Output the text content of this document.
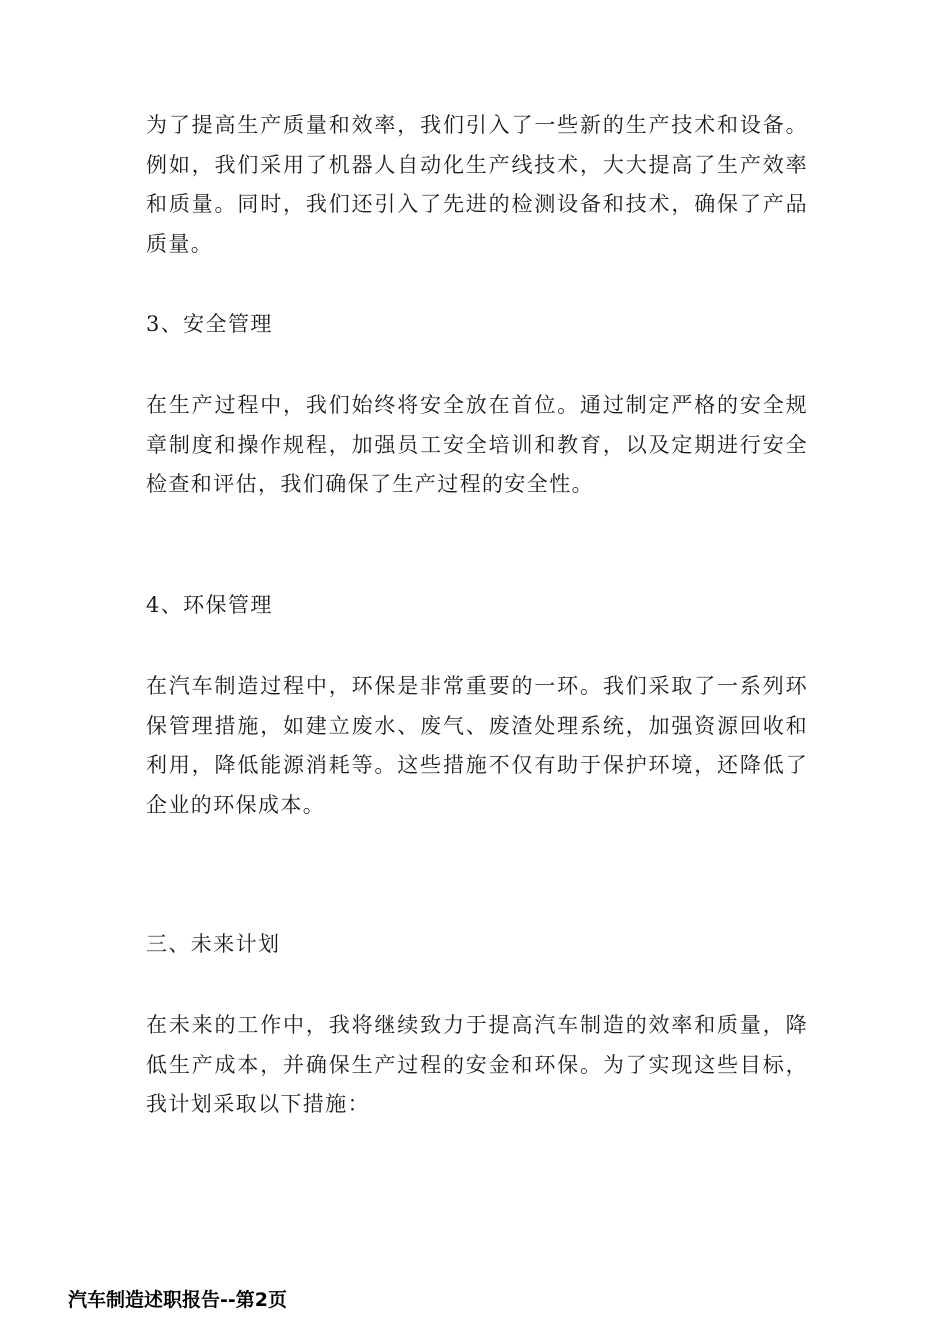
为了提高生产质量和效率，我们引入了一些新的生产技术和设备。例如，我们采用了机器人自动化生产线技术，大大提高了生产效率和质量。同时，我们还引入了先进的检测设备和技术，确保了产品质量。

3、安全管理

在生产过程中，我们始终将安全放在首位。通过制定严格的安全规章制度和操作规程，加强员工安全培训和教育，以及定期进行安全检查和评估，我们确保了生产过程的安全性。

4、环保管理

在汽车制造过程中，环保是非常重要的一环。我们采取了一系列环保管理措施，如建立废水、废气、废渣处理系统，加强资源回收和利用，降低能源消耗等。这些措施不仅有助于保护环境，还降低了企业的环保成本。

三、未来计划

在未来的工作中，我将继续致力于提高汽车制造的效率和质量，降低生产成本，并确保生产过程的安金和环保。为了实现这些目标，我计划采取以下措施：

汽车制造述职报告--第2页
